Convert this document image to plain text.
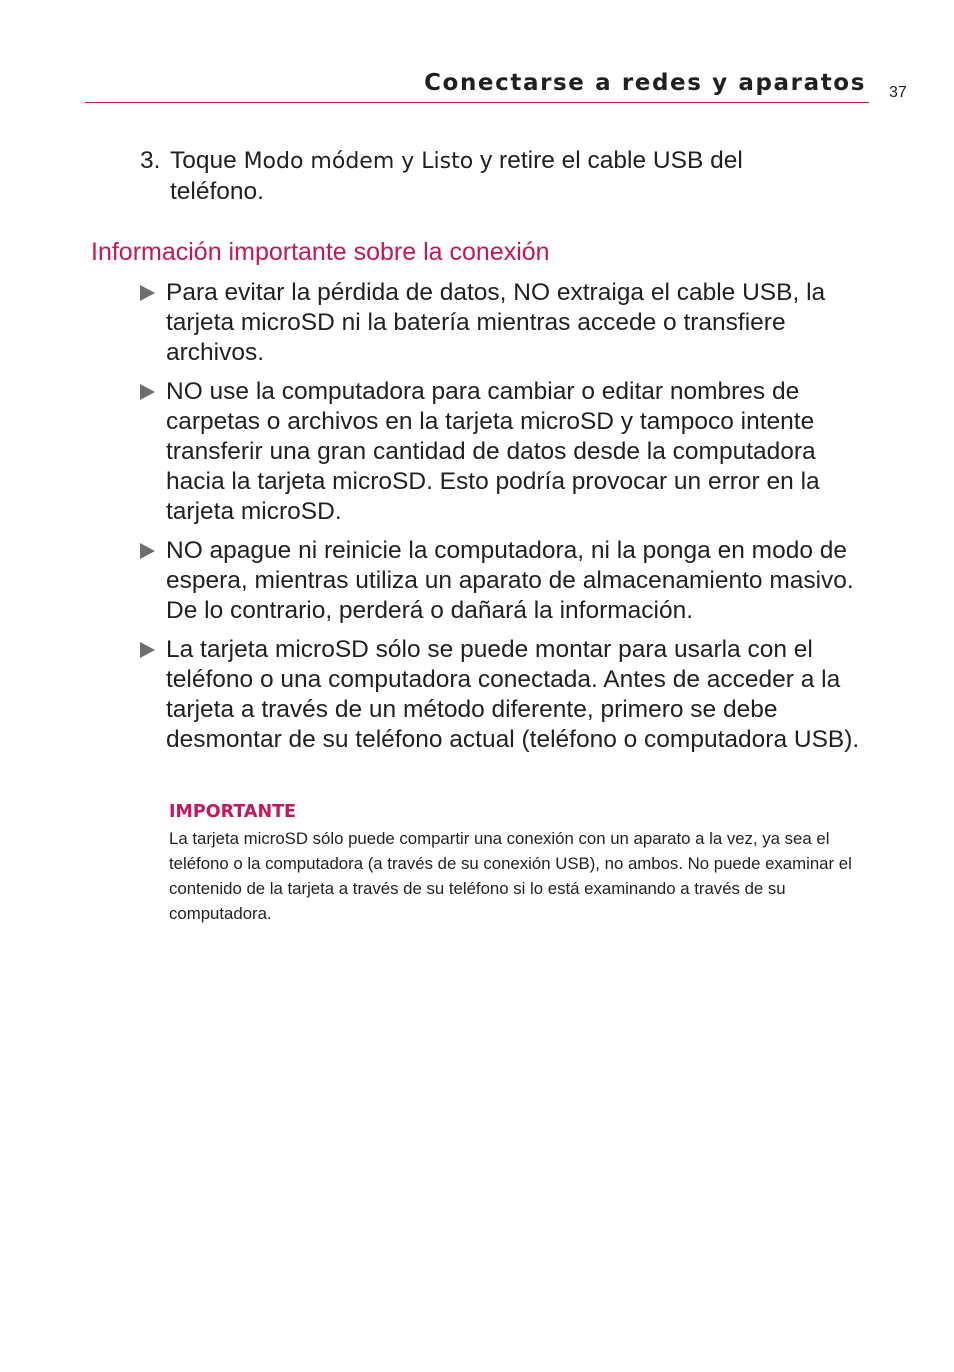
Conectarse a redes y aparatos 37
3. Toque Modo módem y Listo y retire el cable USB del teléfono.
Información importante sobre la conexión
Para evitar la pérdida de datos, NO extraiga el cable USB, la tarjeta microSD ni la batería mientras accede o transfiere archivos.
NO use la computadora para cambiar o editar nombres de carpetas o archivos en la tarjeta microSD y tampoco intente transferir una gran cantidad de datos desde la computadora hacia la tarjeta microSD. Esto podría provocar un error en la tarjeta microSD.
NO apague ni reinicie la computadora, ni la ponga en modo de espera, mientras utiliza un aparato de almacenamiento masivo. De lo contrario, perderá o dañará la información.
La tarjeta microSD sólo se puede montar para usarla con el teléfono o una computadora conectada. Antes de acceder a la tarjeta a través de un método diferente, primero se debe desmontar de su teléfono actual (teléfono o computadora USB).
IMPORTANTE
La tarjeta microSD sólo puede compartir una conexión con un aparato a la vez, ya sea el teléfono o la computadora (a través de su conexión USB), no ambos. No puede examinar el contenido de la tarjeta a través de su teléfono si lo está examinando a través de su computadora.
